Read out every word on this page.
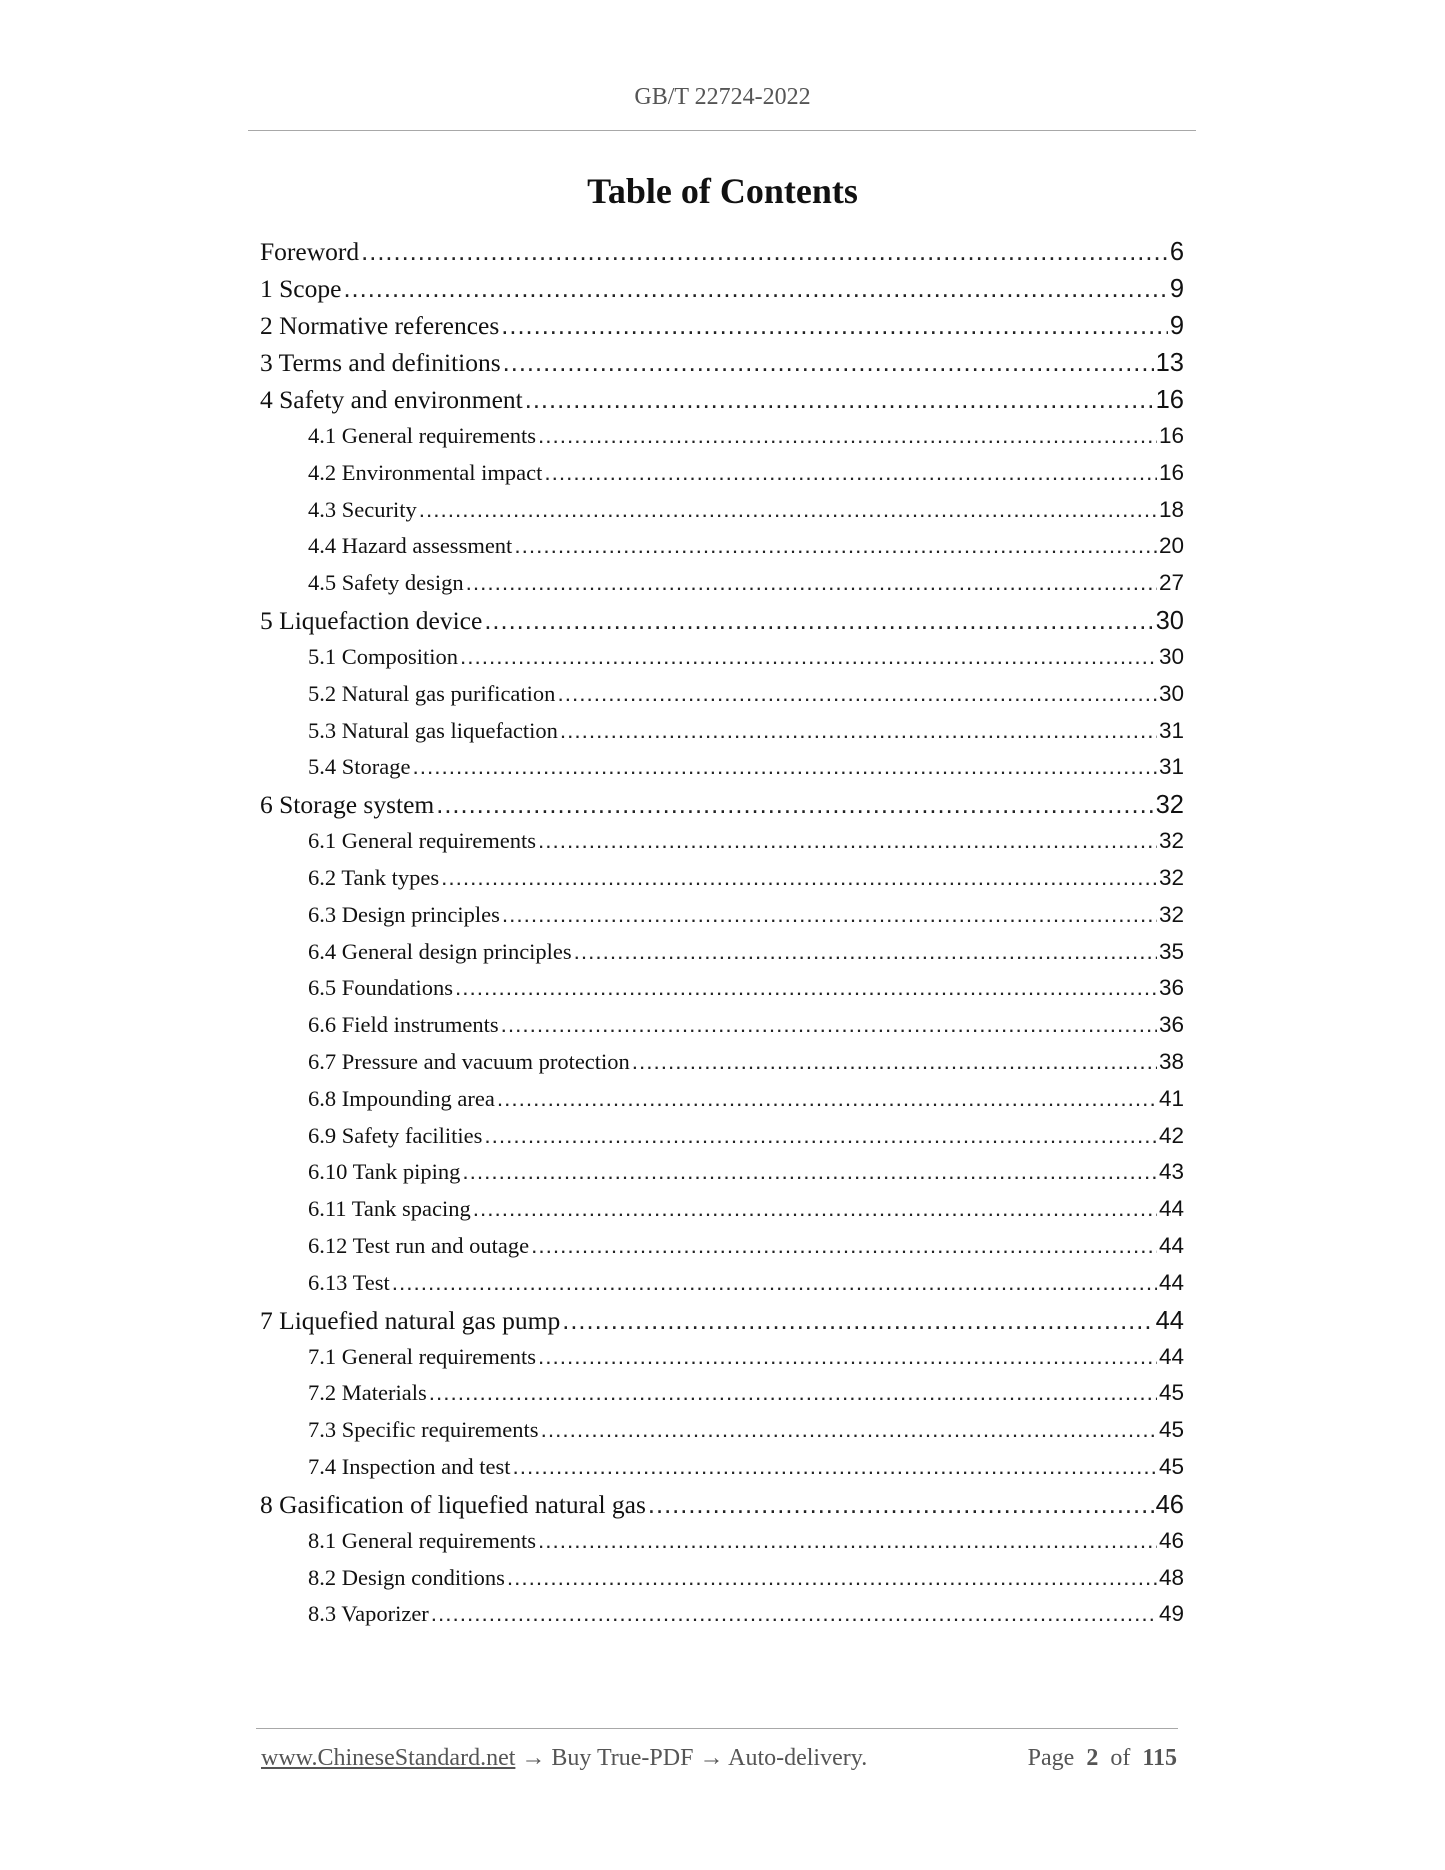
GB/T 22724-2022
Table of Contents
Foreword .....	6
1 Scope .....	9
2 Normative references .....	9
3 Terms and definitions .....	13
4 Safety and environment .....	16
4.1 General requirements .....	16
4.2 Environmental impact .....	16
4.3 Security .....	18
4.4 Hazard assessment .....	20
4.5 Safety design .....	27
5 Liquefaction device .....	30
5.1 Composition .....	30
5.2 Natural gas purification .....	30
5.3 Natural gas liquefaction .....	31
5.4 Storage .....	31
6 Storage system .....	32
6.1 General requirements .....	32
6.2 Tank types .....	32
6.3 Design principles .....	32
6.4 General design principles .....	35
6.5 Foundations .....	36
6.6 Field instruments .....	36
6.7 Pressure and vacuum protection .....	38
6.8 Impounding area .....	41
6.9 Safety facilities .....	42
6.10 Tank piping .....	43
6.11 Tank spacing .....	44
6.12 Test run and outage .....	44
6.13 Test .....	44
7 Liquefied natural gas pump .....	44
7.1 General requirements .....	44
7.2 Materials .....	45
7.3 Specific requirements .....	45
7.4 Inspection and test .....	45
8 Gasification of liquefied natural gas .....	46
8.1 General requirements .....	46
8.2 Design conditions .....	48
8.3 Vaporizer .....	49
www.ChineseStandard.net → Buy True-PDF → Auto-delivery.	Page 2 of 115
